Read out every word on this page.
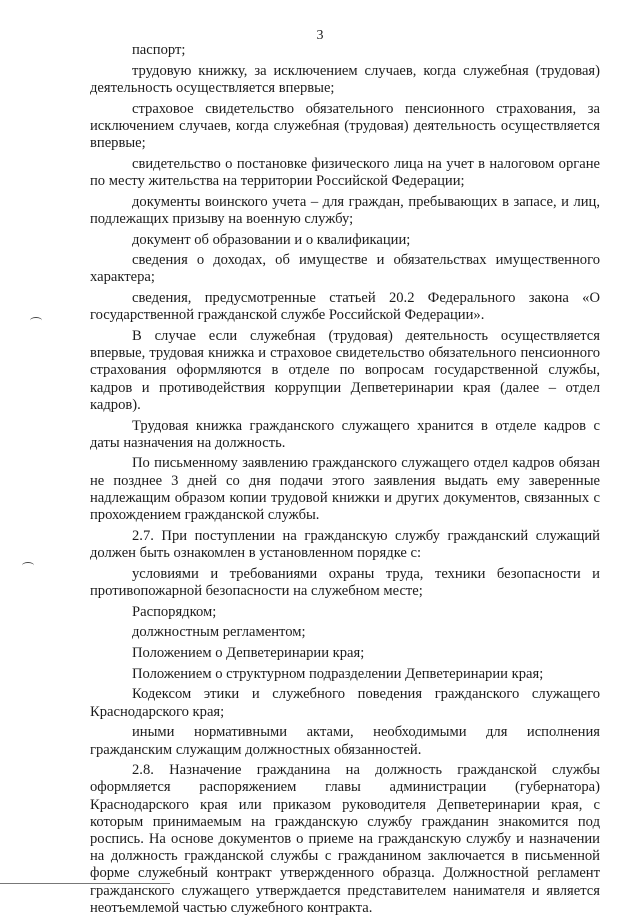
3

паспорт;

трудовую книжку, за исключением случаев, когда служебная (трудовая) деятельность осуществляется впервые;

страховое свидетельство обязательного пенсионного страхования, за исключением случаев, когда служебная (трудовая) деятельность осуществляется впервые;

свидетельство о постановке физического лица на учет в налоговом органе по месту жительства на территории Российской Федерации;

документы воинского учета – для граждан, пребывающих в запасе, и лиц, подлежащих призыву на военную службу;

документ об образовании и о квалификации;

сведения о доходах, об имуществе и обязательствах имущественного характера;

сведения, предусмотренные статьей 20.2 Федерального закона «О государственной гражданской службе Российской Федерации».

В случае если служебная (трудовая) деятельность осуществляется впервые, трудовая книжка и страховое свидетельство обязательного пенсионного страхования оформляются в отделе по вопросам государственной службы, кадров и противодействия коррупции Депветеринарии края (далее – отдел кадров).

Трудовая книжка гражданского служащего хранится в отделе кадров с даты назначения на должность.

По письменному заявлению гражданского служащего отдел кадров обязан не позднее 3 дней со дня подачи этого заявления выдать ему заверенные надлежащим образом копии трудовой книжки и других документов, связанных с прохождением гражданской службы.

2.7. При поступлении на гражданскую службу гражданский служащий должен быть ознакомлен в установленном порядке с:

условиями и требованиями охраны труда, техники безопасности и противопожарной безопасности на служебном месте;

Распорядком;

должностным регламентом;

Положением о Депветеринарии края;

Положением о структурном подразделении Депветеринарии края;

Кодексом этики и служебного поведения гражданского служащего Краснодарского края;

иными нормативными актами, необходимыми для исполнения гражданским служащим должностных обязанностей.

2.8. Назначение гражданина на должность гражданской службы оформляется распоряжением главы администрации (губернатора) Краснодарского края или приказом руководителя Депветеринарии края, с которым принимаемым на гражданскую службу гражданин знакомится под роспись. На основе документов о приеме на гражданскую службу и назначении на должность гражданской службы с гражданином заключается в письменной форме служебный контракт утвержденного образца. Должностной регламент гражданского служащего утверждается представителем нанимателя и является неотъемлемой частью служебного контракта.
